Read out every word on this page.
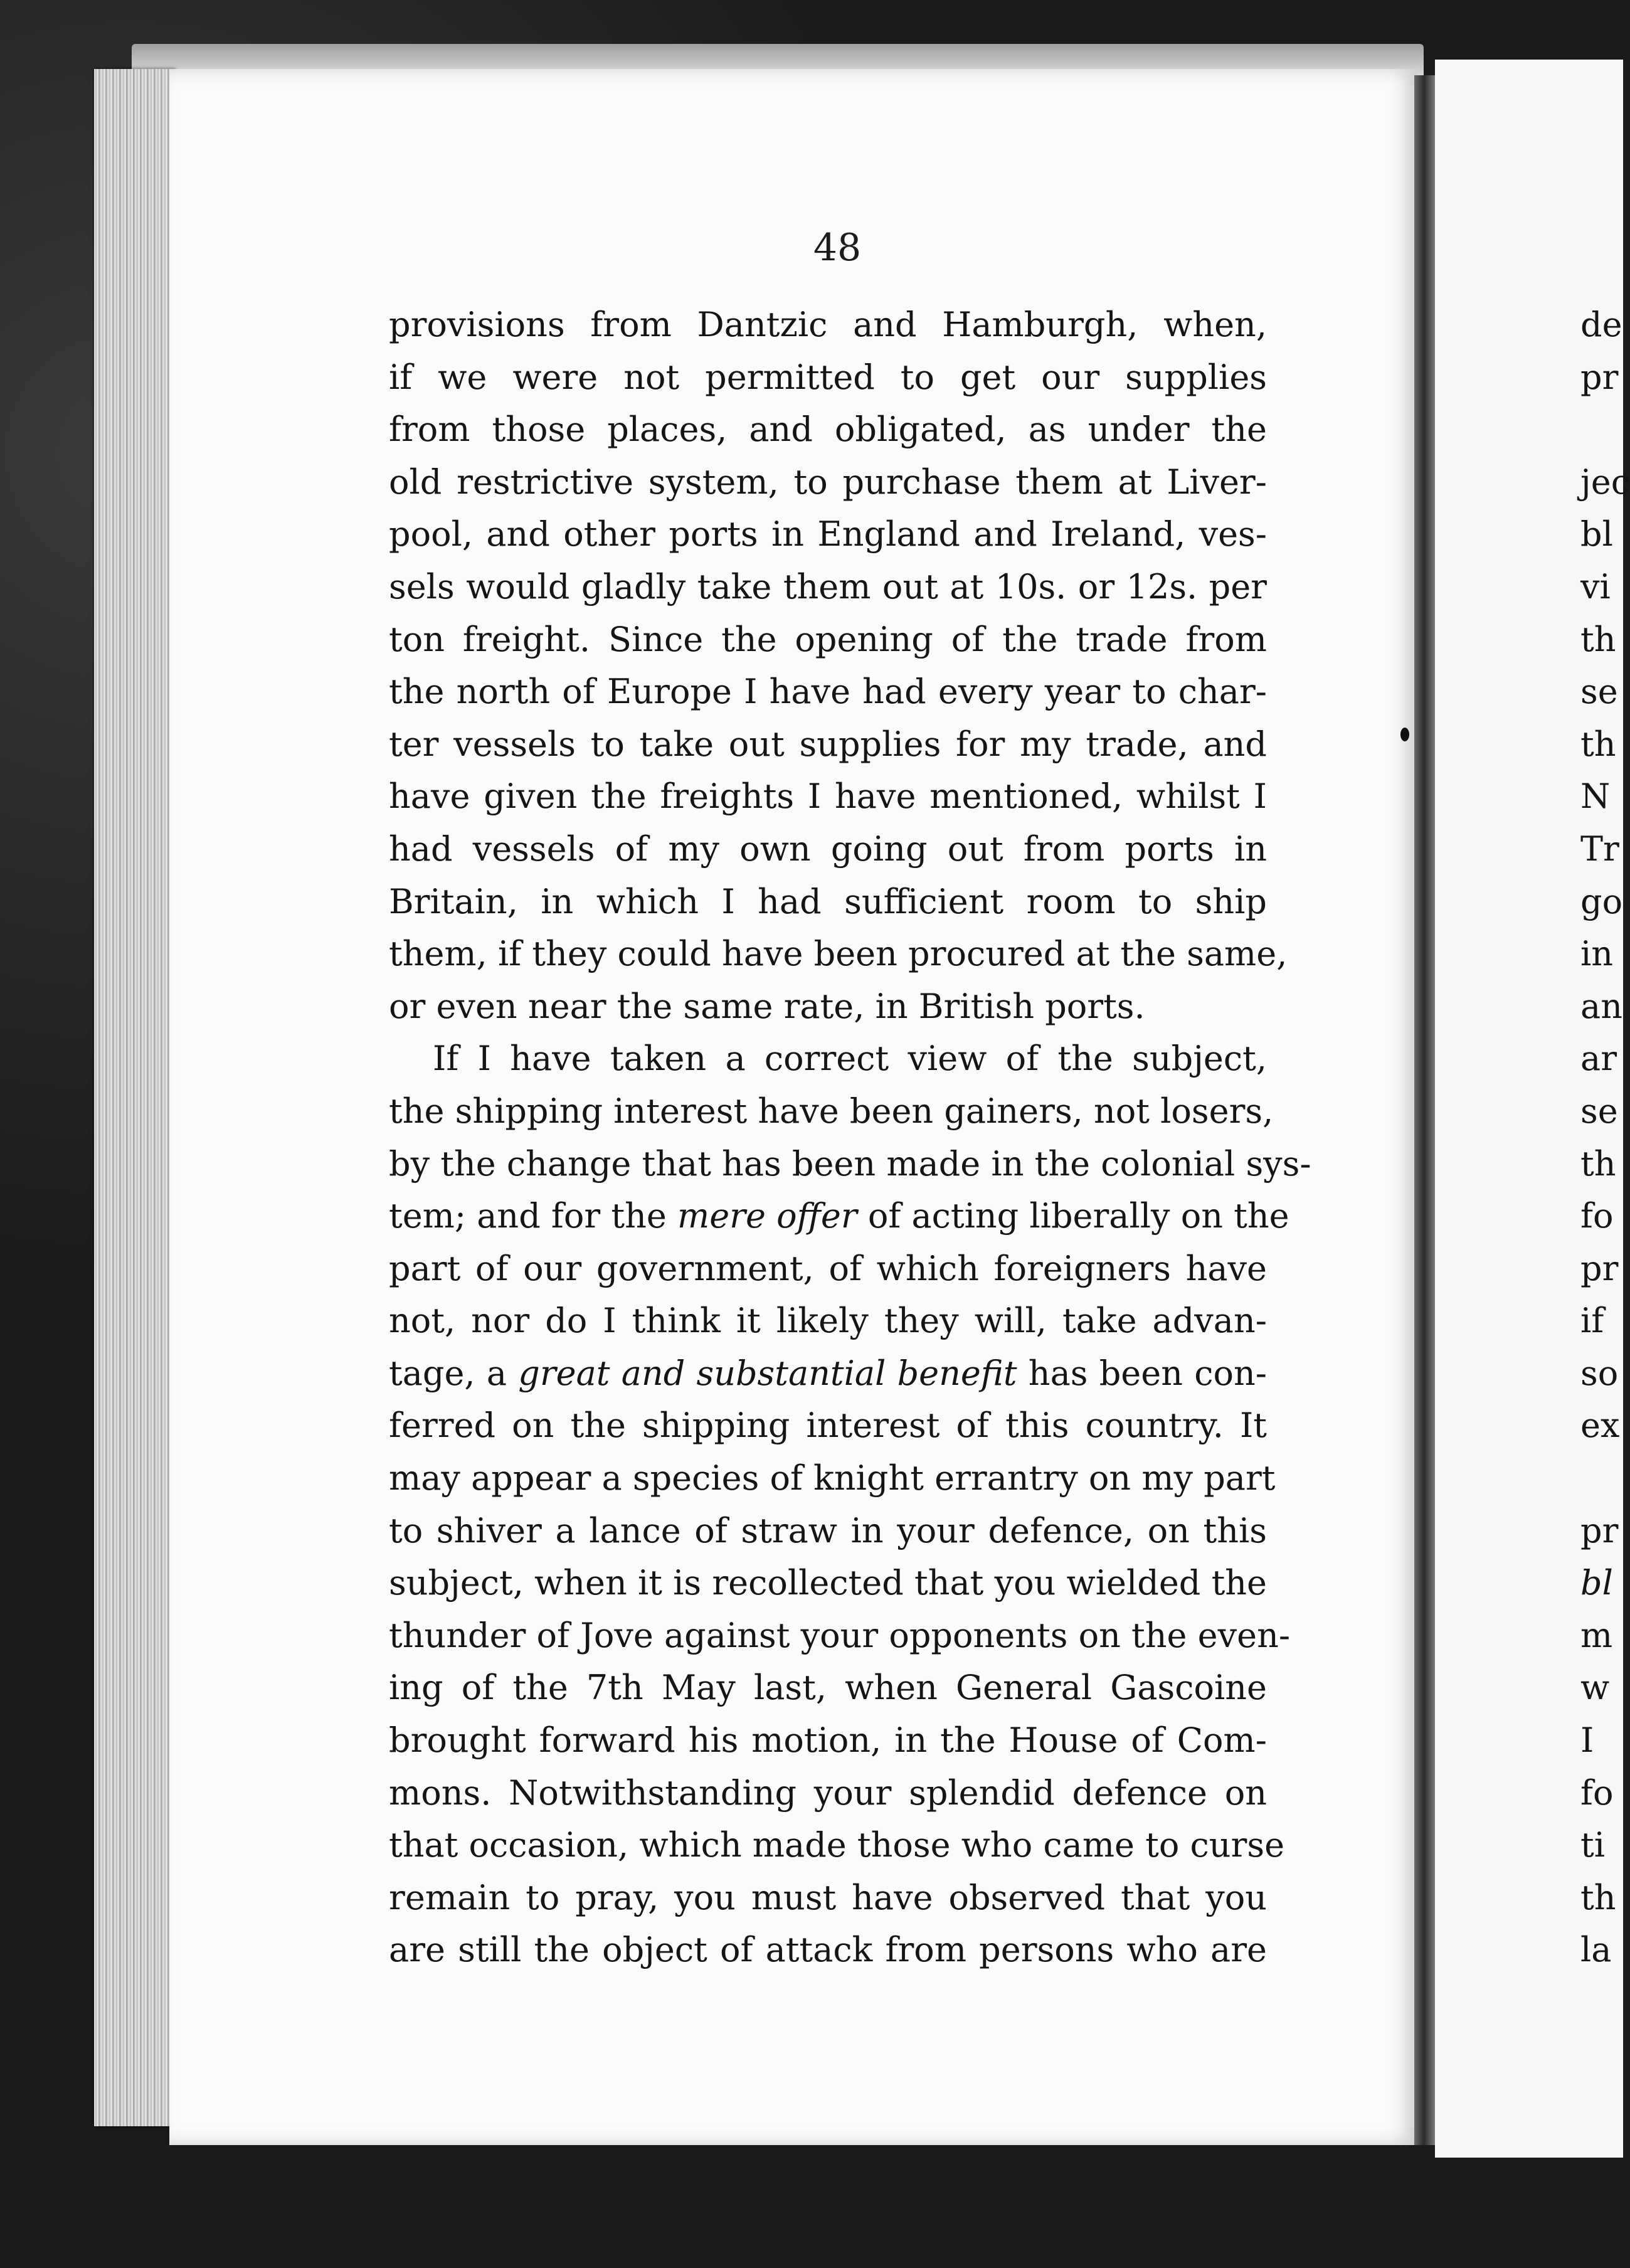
48
provisions from Dantzic and Hamburgh, when,
if we were not permitted to get our supplies
from those places, and obligated, as under the
old restrictive system, to purchase them at Liver-
pool, and other ports in England and Ireland, ves-
sels would gladly take them out at 10s. or 12s. per
ton freight. Since the opening of the trade from
the north of Europe I have had every year to char-
ter vessels to take out supplies for my trade, and
have given the freights I have mentioned, whilst I
had vessels of my own going out from ports in
Britain, in which I had sufficient room to ship
them, if they could have been procured at the same,
or even near the same rate, in British ports.
If I have taken a correct view of the subject,
the shipping interest have been gainers, not losers,
by the change that has been made in the colonial sys-
tem; and for the mere offer of acting liberally on the
part of our government, of which foreigners have
not, nor do I think it likely they will, take advan-
tage, a great and substantial benefit has been con-
ferred on the shipping interest of this country. It
may appear a species of knight errantry on my part
to shiver a lance of straw in your defence, on this
subject, when it is recollected that you wielded the
thunder of Jove against your opponents on the even-
ing of the 7th May last, when General Gascoine
brought forward his motion, in the House of Com-
mons. Notwithstanding your splendid defence on
that occasion, which made those who came to curse
remain to pray, you must have observed that you
are still the object of attack from persons who are
de
pr
jec
bl
vi
th
se
th
N
Tr
go
in
an
ar
se
th
fo
pr
if
so
ex
pr
bl
m
w
I
fo
ti
th
la
